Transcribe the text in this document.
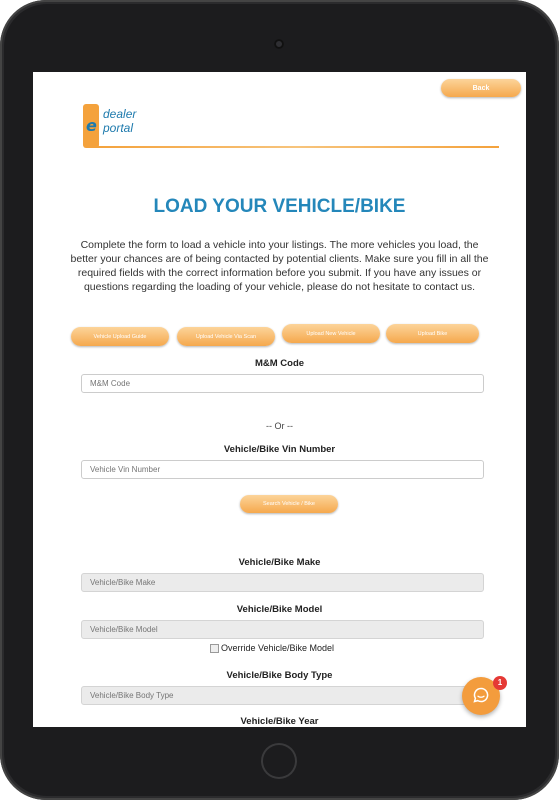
Back
e
dealer
portal
LOAD YOUR VEHICLE/BIKE
Complete the form to load a vehicle into your listings. The more vehicles you load, the better your chances are of being contacted by potential clients. Make sure you fill in all the required fields with the correct information before you submit. If you have any issues or questions regarding the loading of your vehicle, please do not hesitate to contact us.
Vehicle Upload Guide	Upload Vehicle Via Scan	Upload New Vehicle	Upload Bike
M&M Code
M&M Code
-- Or --
Vehicle/Bike Vin Number
Vehicle Vin Number
Search Vehicle / Bike
Vehicle/Bike Make
Vehicle/Bike Make
Vehicle/Bike Model
Vehicle/Bike Model
Override Vehicle/Bike Model
Vehicle/Bike Body Type
Vehicle/Bike Body Type
Vehicle/Bike Year
1
